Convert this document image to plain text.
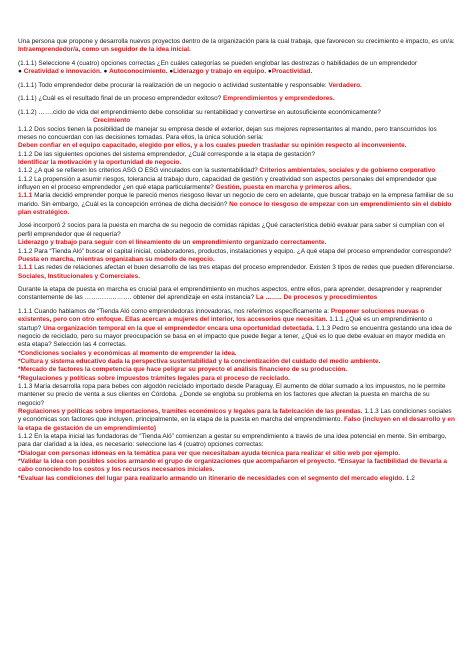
Una persona que propone y desarrolla nuevos proyectos dentro de la organización para la cual trabaja, que favorecen su crecimiento e impacto, es un/a: Intraemprendedor/a, como un seguidor de la idea inicial.

(1.1.1) Seleccione 4 (cuatro) opciones correctas ¿En cuáles categorías se pueden englobar las destrezas o habilidades de un emprendedor

● Creatividad e innovación. ● Autoconocimiento. ●Liderazgo y trabajo en equipo. ●Proactividad.

(1.1.1) Todo emprendedor debe procurar la realización de un negocio o actividad sustentable y responsable: Verdadero.

(1.1.1) ¿Cuál es el resultado final de un proceso emprendedor exitoso? Emprendimientos y emprendedores.

(1.1.2) …….ciclo de vida del emprendimiento debe consolidar su rentabilidad y convertirse en autosuficiente económicamente?

Crecimiento

1.1.2 Dos socios tienen la posibilidad de manejar su empresa desde el exterior, dejan sus mejores representantes al mando, pero transcurridos los meses no concuerdan con las decisiones tomadas. Para ellos, la única solución sería:

Deben confiar en el equipo capacitado, elegido por ellos, y a los cuales pueden trasladar su opinión respecto al inconveniente.

1.1.2 De las siguientes opciones del sistema emprendedor, ¿Cuál corresponde a la etapa de gestación?

Identificar la motivación y la oportunidad de negocio.

1.1.2 ¿A qué se refieren los criterios ASG O ESG vinculados con la sustentabilidad? Criterios ambientales, sociales y de gobierno corporativo

1.1.2 La propensión a asumir riesgos, tolerancia al trabajo duro, capacidad de gestión y creatividad son aspectos personales del emprendedor que influyen en el proceso emprendedor ¿en qué etapa particularmente? Gestión, puesta en marcha y primeros años.

1.1.1 María decidió emprender porque le pareció menos riesgoso llevar un negocio de cero en adelante, que buscar trabajo en la empresa familiar de su marido. Sin embargo, ¿Cuál es la concepción errónea de dicha decisión? No conoce lo riesgoso de empezar con un emprendimiento sin el debido plan estratégico.

José incorporó 2 socios para la puesta en marcha de su negocio de comidas rápidas ¿Qué característica debió evaluar para saber si cumplían con el perfil emprendedor que él requería?

Liderazgo y trabajo para seguir con el lineamiento de un emprendimiento organizado correctamente.

1.1.2 Para “Tienda Aló” buscar el capital inicial, colaboradores, productos, instalaciones y equipo. ¿A qué etapa del proceso emprendedor corresponde? Puesta en marcha, mientras organizaban su modelo de negocio.

1.1.1 Las redes de relaciones afectan el buen desarrollo de las tres etapas del proceso emprendedor. Existen 3 tipos de redes que pueden diferenciarse. Sociales, Institucionales y Comerciales.

Durante la etapa de puesta en marcha es crucial para el emprendimiento en muchos aspectos, entre ellos, para aprender, desaprender y reaprender constantemente de las …………………. obtener del aprendizaje en esta instancia? La …….. De procesos y procedimientos

1.1.1 Cuando hablamos de “Tienda Aló como emprendedoras innovadoras, nos referimos específicamente a: Proponer soluciones nuevas o existentes, pero con otro enfoque. Ellas acercan a mujeres del interior, los accesorios que necesitan. 1.1.1 ¿Qué es un emprendimiento o startup? Una organización temporal en la que el emprendedor encara una oportunidad detectada. 1.1.3 Pedro se encuentra gestando una idea de negocio de reciclado, pero su mayor preocupación se basa en el impacto que puede llegar a tener, ¿Qué es lo que debe evaluar en mayor medida en esta etapa? Selección las 4 correctas.

*Condiciones sociales y económicas al momento de emprender la idea.

*Cultura y sistema educativo dada la perspectiva sustentabilidad y la concientización del cuidado del medio ambiente.

*Mercado de factores la competencia que hace peligrar su proyecto el análisis financiero de su producción.

*Regulaciones y políticas sobre impuestos trámites legales para el proceso de reciclado.

1.1.3 María desarrolla ropa para bebes con algodón reciclado importado desde Paraguay. El aumento de dólar sumado a los impuestos, no le permite mantener su precio de venta a sus clientes en Córdoba. ¿Donde se engloba su problema en los factores que afectan la puesta en marcha de su negocio?

Regulaciones y políticas sobre importaciones, tramites económicos y legales para la fabricación de las prendas. 1.1.3 Las condiciones sociales y económicas son factores que incluyen, principalmente, en la etapa de la puesta en marcha del emprendimiento. Falso (incluyen en el desarrollo y en la etapa de gestación de un emprendimiento)

1.1.2 En la etapa inicial las fundadoras de “Tienda Aló” comienzan a gestar su emprendimiento a través de una idea potencial en mente. Sin embargo, para dar claridad a la idea, es necesario: seleccione las 4 (cuatro) opciones correctas:

*Dialogar con personas idóneas en la temática para ver que necesitaban ayuda técnica para realizar el sitio web por ejemplo.

*Validar la idea con posibles socios armando el grupo de organizaciones que acompañaron el proyecto. *Ensayar la factibilidad de llevarla a cabo conociendo los costos y los recursos necesarios iniciales.

*Evaluar las condiciones del lugar para realizarlo armando un itinerario de necesidades con el segmento del mercado elegido. 1.2
